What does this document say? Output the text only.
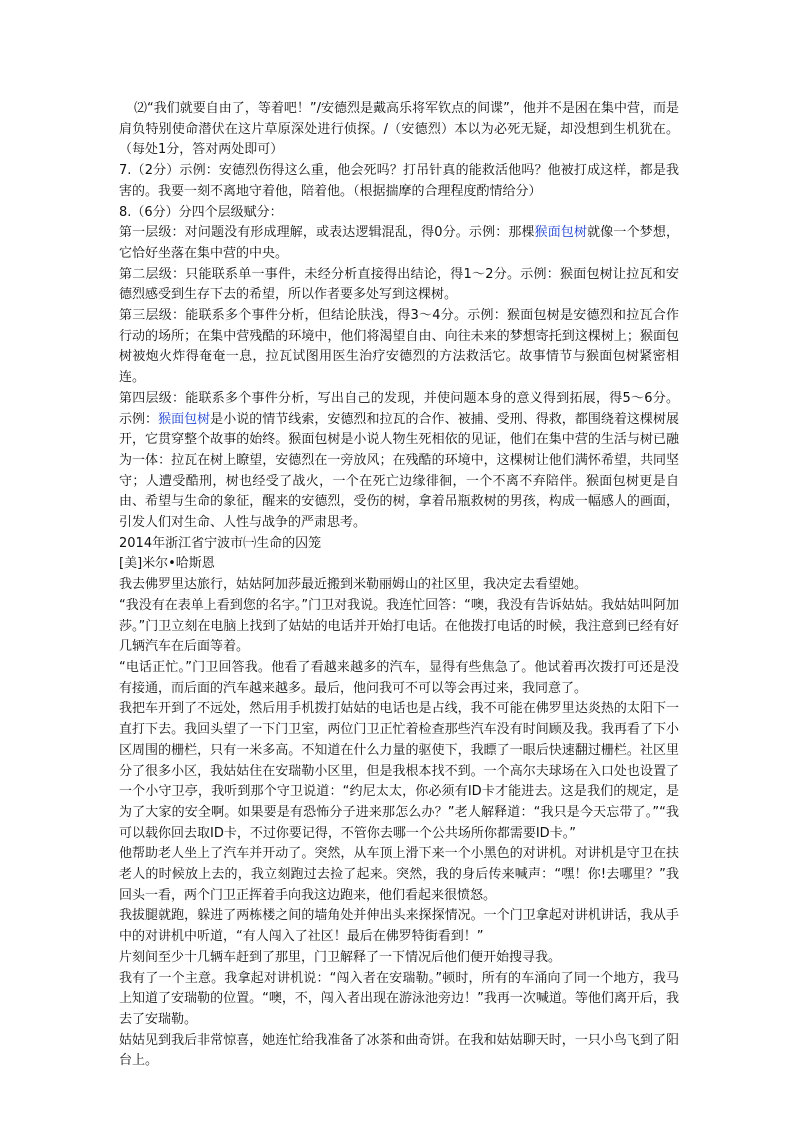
⑵“我们就要自由了，等着吧！”/安德烈是戴高乐将军钦点的间谍”，他并不是困在集中营，而是肩负特别使命潜伏在这片草原深处进行侦探。/（安德烈）本以为必死无疑，却没想到生机犹在。（每处1分，答对两处即可）

7.（2分）示例：安德烈伤得这么重，他会死吗？打吊针真的能救活他吗？他被打成这样，都是我害的。我要一刻不离地守着他，陪着他。（根据揣摩的合理程度酌情给分）

8.（6分）分四个层级赋分：

第一层级：对问题没有形成理解，或表达逻辑混乱，得0分。示例：那棵猴面包树就像一个梦想，它恰好坐落在集中营的中央。

第二层级：只能联系单一事件，未经分析直接得出结论，得1～2分。示例：猴面包树让拉瓦和安德烈感受到生存下去的希望，所以作者要多处写到这棵树。

第三层级：能联系多个事件分析，但结论肤浅，得3～4分。示例：猴面包树是安德烈和拉瓦合作行动的场所；在集中营残酷的环境中，他们将渴望自由、向往未来的梦想寄托到这棵树上；猴面包树被炮火炸得奄奄一息，拉瓦试图用医生治疗安德烈的方法救活它。故事情节与猴面包树紧密相连。

第四层级：能联系多个事件分析，写出自己的发现，并使问题本身的意义得到拓展，得5～6分。示例：猴面包树是小说的情节线索，安德烈和拉瓦的合作、被捕、受刑、得救，都围绕着这棵树展开，它贯穿整个故事的始终。猴面包树是小说人物生死相依的见证，他们在集中营的生活与树已融为一体：拉瓦在树上瞭望，安德烈在一旁放风；在残酷的环境中，这棵树让他们满怀希望，共同坚守；人遭受酷刑，树也经受了战火，一个在死亡边缘徘徊，一个不离不弃陪伴。猴面包树更是自由、希望与生命的象征，醒来的安德烈，受伤的树，拿着吊瓶救树的男孩，构成一幅感人的画面，引发人们对生命、人性与战争的严肃思考。

2014年浙江省宁波市㈠生命的囚笼

[美]米尔•哈斯恩

我去佛罗里达旅行，姑姑阿加莎最近搬到米勒丽姆山的社区里，我决定去看望她。

“我没有在表单上看到您的名字。”门卫对我说。我连忙回答：“噢，我没有告诉姑姑。我姑姑叫阿加莎。”门卫立刻在电脑上找到了姑姑的电话并开始打电话。在他拨打电话的时候，我注意到已经有好几辆汽车在后面等着。

“电话正忙。”门卫回答我。他看了看越来越多的汽车，显得有些焦急了。他试着再次拨打可还是没有接通，而后面的汽车越来越多。最后，他问我可不可以等会再过来，我同意了。

我把车开到了不远处，然后用手机拨打姑姑的电话也是占线，我不可能在佛罗里达炎热的太阳下一直打下去。我回头望了一下门卫室，两位门卫正忙着检查那些汽车没有时间顾及我。我再看了下小区周围的栅栏，只有一米多高。不知道在什么力量的驱使下，我瞟了一眼后快速翻过栅栏。社区里分了很多小区，我姑姑住在安瑞勒小区里，但是我根本找不到。一个高尔夫球场在入口处也设置了一个小守卫亭，我听到那个守卫说道：“约尼太太，你必须有ID卡才能进去。这是我们的规定，是为了大家的安全啊。如果要是有恐怖分子进来那怎么办？”老人解释道：“我只是今天忘带了。”“我可以载你回去取ID卡，不过你要记得，不管你去哪一个公共场所你都需要ID卡。”

他帮助老人坐上了汽车并开动了。突然，从车顶上滑下来一个小黑色的对讲机。对讲机是守卫在扶老人的时候放上去的，我立刻跑过去捡了起来。突然，我的身后传来喊声：“嘿！你!去哪里？”我回头一看，两个门卫正挥着手向我这边跑来，他们看起来很愤怒。

我拔腿就跑，躲进了两栋楼之间的墙角处并伸出头来探探情况。一个门卫拿起对讲机讲话，我从手中的对讲机中听道，“有人闯入了社区！最后在佛罗特街看到！”

片刻间至少十几辆车赶到了那里，门卫解释了一下情况后他们便开始搜寻我。

我有了一个主意。我拿起对讲机说：“闯入者在安瑞勒。”顿时，所有的车涌向了同一个地方，我马上知道了安瑞勒的位置。“噢，不，闯入者出现在游泳池旁边！”我再一次喊道。等他们离开后，我去了安瑞勒。

姑姑见到我后非常惊喜，她连忙给我准备了冰茶和曲奇饼。在我和姑姑聊天时，一只小鸟飞到了阳台上。
